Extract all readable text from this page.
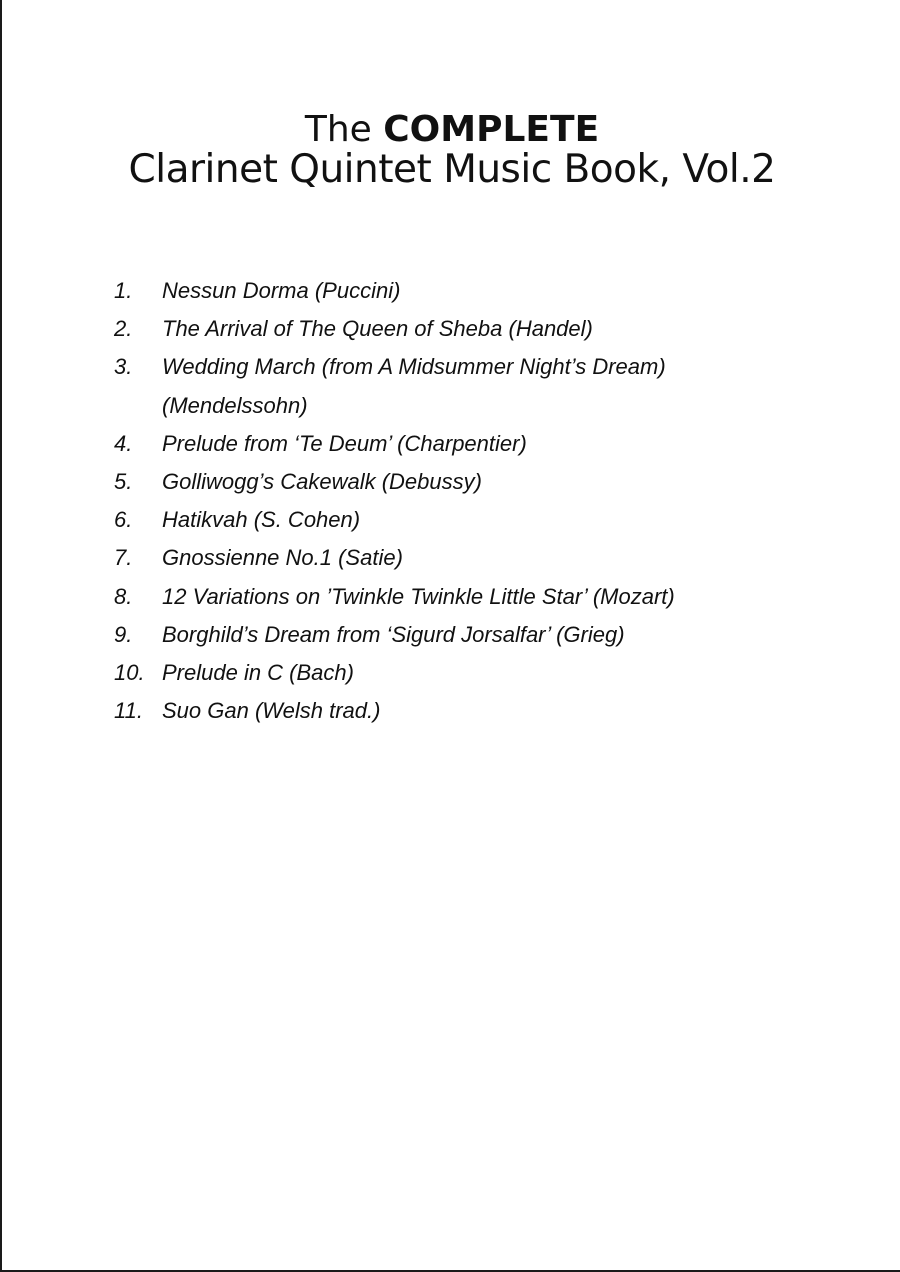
The COMPLETE
Clarinet Quintet Music Book, Vol.2
1.	Nessun Dorma (Puccini)
2.	The Arrival of The Queen of Sheba (Handel)
3.	Wedding March (from A Midsummer Night’s Dream) (Mendelssohn)
4.	Prelude from ‘Te Deum’ (Charpentier)
5.	Golliwogg’s Cakewalk (Debussy)
6.	Hatikvah (S. Cohen)
7.	Gnossienne No.1 (Satie)
8.	12 Variations on ’Twinkle Twinkle Little Star’ (Mozart)
9.	Borghild’s Dream from ‘Sigurd Jorsalfar’ (Grieg)
10. Prelude in C (Bach)
11. Suo Gan (Welsh trad.)
